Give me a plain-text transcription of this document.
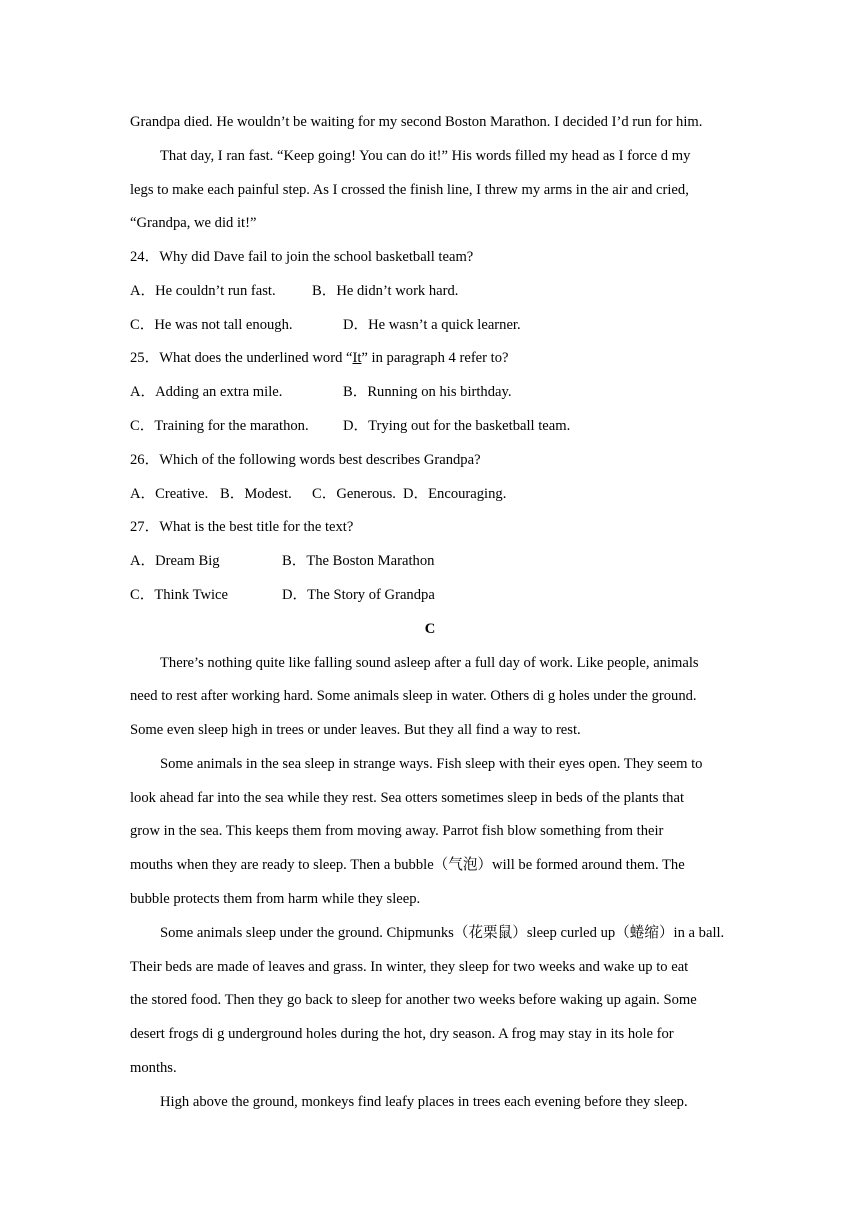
Grandpa died. He wouldn’t be waiting for my second Boston Marathon. I decided I’d run for him.
That day, I ran fast. “Keep going! You can do it!” His words filled my head as I force d my
legs to make each painful step. As I crossed the finish line, I threw my arms in the air and cried,
“Grandpa, we did it!”
24．Why did Dave fail to join the school basketball team?
A．He couldn’t run fast. B．He didn’t work hard.
C．He was not tall enough.	D．He wasn’t a quick learner.
25．What does the underlined word “It” in paragraph 4 refer to?
A．Adding an extra mile.	B．Running on his birthday.
C．Training for the marathon. D．Trying out for the basketball team.
26．Which of the following words best describes Grandpa?
A．Creative. B．Modest. C．Generous. D．Encouraging.
27．What is the best title for the text?
A．Dream Big	B．The Boston Marathon
C．Think Twice	D．The Story of Grandpa
C
There’s nothing quite like falling sound asleep after a full day of work. Like people, animals
need to rest after working hard. Some animals sleep in water. Others di g holes under the ground.
Some even sleep high in trees or under leaves. But they all find a way to rest.
Some animals in the sea sleep in strange ways. Fish sleep with their eyes open. They seem to
look ahead far into the sea while they rest. Sea otters sometimes sleep in beds of the plants that
grow in the sea. This keeps them from moving away. Parrot fish blow something from their
mouths when they are ready to sleep. Then a bubble（气泡）will be formed around them. The
bubble protects them from harm while they sleep.
Some animals sleep under the ground. Chipmunks（花栗鼠）sleep curled up（蜷缩）in a ball.
Their beds are made of leaves and grass. In winter, they sleep for two weeks and wake up to eat
the stored food. Then they go back to sleep for another two weeks before waking up again. Some
desert frogs di g underground holes during the hot, dry season. A frog may stay in its hole for
months.
High above the ground, monkeys find leafy places in trees each evening before they sleep.
